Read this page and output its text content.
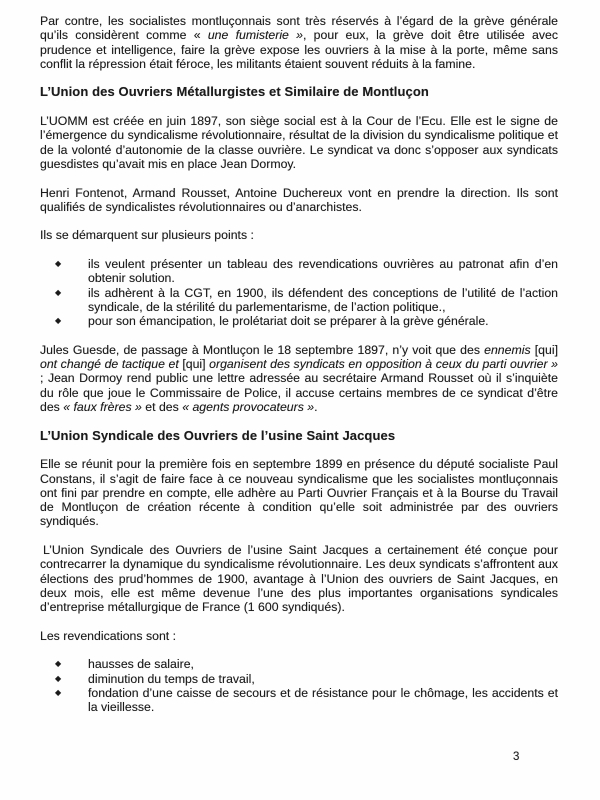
Par contre, les socialistes montluçonnais sont très réservés à l’égard de la grève générale qu’ils considèrent comme « une fumisterie », pour eux, la grève doit être utilisée avec prudence et intelligence, faire la grève expose les ouvriers à la mise à la porte, même sans conflit la répression était féroce, les militants étaient souvent réduits à la famine.

L’Union des Ouvriers Métallurgistes et Similaire de Montluçon

L’UOMM est créée en juin 1897, son siège social est à la Cour de l’Ecu. Elle est le signe de l’émergence du syndicalisme révolutionnaire, résultat de la division du syndicalisme politique et de la volonté d’autonomie de la classe ouvrière. Le syndicat va donc s’opposer aux syndicats guesdistes qu’avait mis en place Jean Dormoy.

Henri Fontenot, Armand Rousset, Antoine Duchereux vont en prendre la direction. Ils sont qualifiés de syndicalistes révolutionnaires ou d’anarchistes.

Ils se démarquent sur plusieurs points :

◆ ils veulent présenter un tableau des revendications ouvrières au patronat afin d’en obtenir solution.
◆ ils adhèrent à la CGT, en 1900, ils défendent des conceptions de l’utilité de l’action syndicale, de la stérilité du parlementarisme, de l’action politique.,
◆ pour son émancipation, le prolétariat doit se préparer à la grève générale.

Jules Guesde, de passage à Montluçon le 18 septembre 1897, n’y voit que des ennemis [qui] ont changé de tactique et [qui] organisent des syndicats en opposition à ceux du parti ouvrier » ; Jean Dormoy rend public une lettre adressée au secrétaire Armand Rousset où il s’inquiète du rôle que joue le Commissaire de Police, il accuse certains membres de ce syndicat d’être des « faux frères » et des « agents provocateurs ».

L’Union Syndicale des Ouvriers de l’usine Saint Jacques

Elle se réunit pour la première fois en septembre 1899 en présence du député socialiste Paul Constans, il s’agit de faire face à ce nouveau syndicalisme que les socialistes montluçonnais ont fini par prendre en compte, elle adhère au Parti Ouvrier Français et à la Bourse du Travail de Montluçon de création récente à condition qu’elle soit administrée par des ouvriers syndiqués.

L’Union Syndicale des Ouvriers de l’usine Saint Jacques a certainement été conçue pour contrecarrer la dynamique du syndicalisme révolutionnaire. Les deux syndicats s’affrontent aux élections des prud’hommes de 1900, avantage à l’Union des ouvriers de Saint Jacques, en deux mois, elle est même devenue l’une des plus importantes organisations syndicales d’entreprise métallurgique de France (1 600 syndiqués).

Les revendications sont :

◆ hausses de salaire,
◆ diminution du temps de travail,
◆ fondation d’une caisse de secours et de résistance pour le chômage, les accidents et la vieillesse.
3
